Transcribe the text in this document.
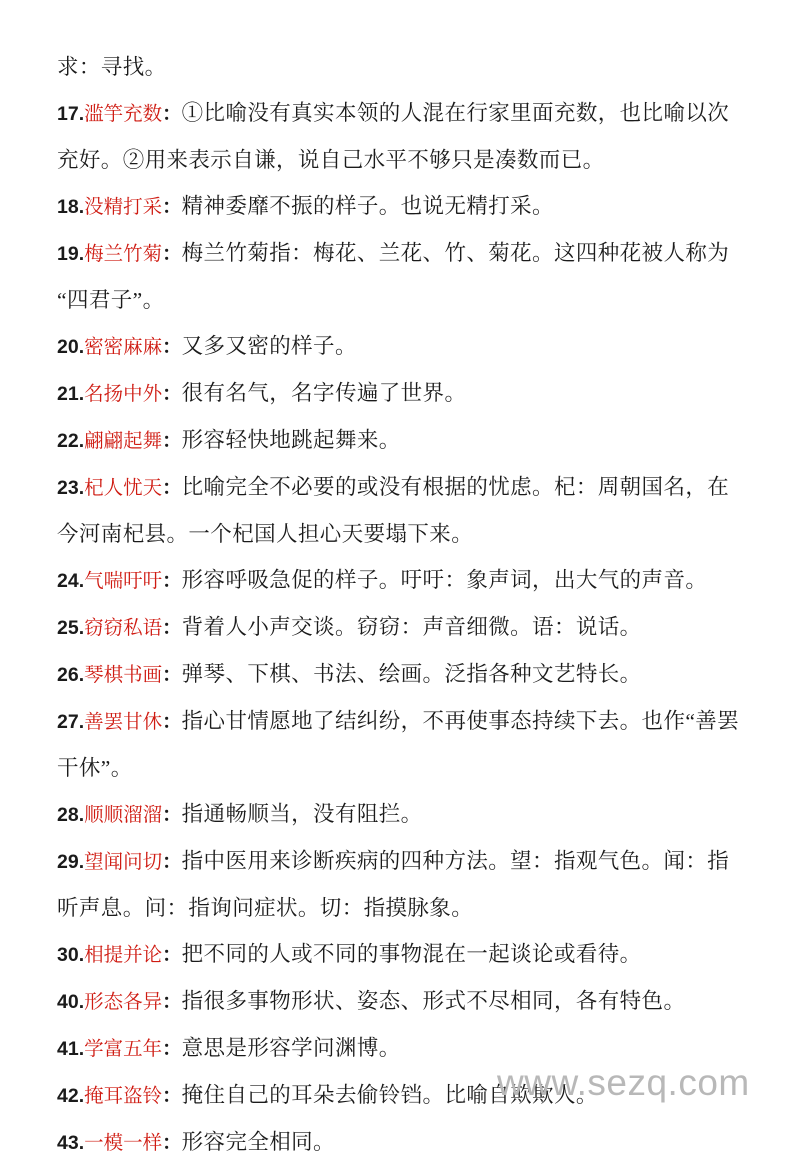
求：寻找。
17.滥竽充数：①比喻没有真实本领的人混在行家里面充数，也比喻以次充好。②用来表示自谦，说自己水平不够只是凑数而已。
18.没精打采：精神委靡不振的样子。也说无精打采。
19.梅兰竹菊：梅兰竹菊指：梅花、兰花、竹、菊花。这四种花被人称为“四君子”。
20.密密麻麻：又多又密的样子。
21.名扬中外：很有名气，名字传遍了世界。
22.翩翩起舞：形容轻快地跳起舞来。
23.杞人忧天：比喻完全不必要的或没有根据的忧虑。杞：周朝国名，在今河南杞县。一个杞国人担心天要塌下来。
24.气喘吁吁：形容呼吸急促的样子。吁吁：象声词，出大气的声音。
25.窃窃私语：背着人小声交谈。窃窃：声音细微。语：说话。
26.琴棋书画：弹琴、下棋、书法、绘画。泛指各种文艺特长。
27.善罢甘休：指心甘情愿地了结纠纷，不再使事态持续下去。也作“善罢干休”。
28.顺顺溜溜：指通畅顺当，没有阻拦。
29.望闻问切：指中医用来诊断疾病的四种方法。望：指观气色。闻：指听声息。问：指询问症状。切：指摸脉象。
30.相提并论：把不同的人或不同的事物混在一起谈论或看待。
40.形态各异：指很多事物形状、姿态、形式不尽相同，各有特色。
41.学富五年：意思是形容学问渊博。
42.掩耳盗铃：掩住自己的耳朵去偷铃铛。比喻自欺欺人。
43.一模一样：形容完全相同。
www.sezq.com
